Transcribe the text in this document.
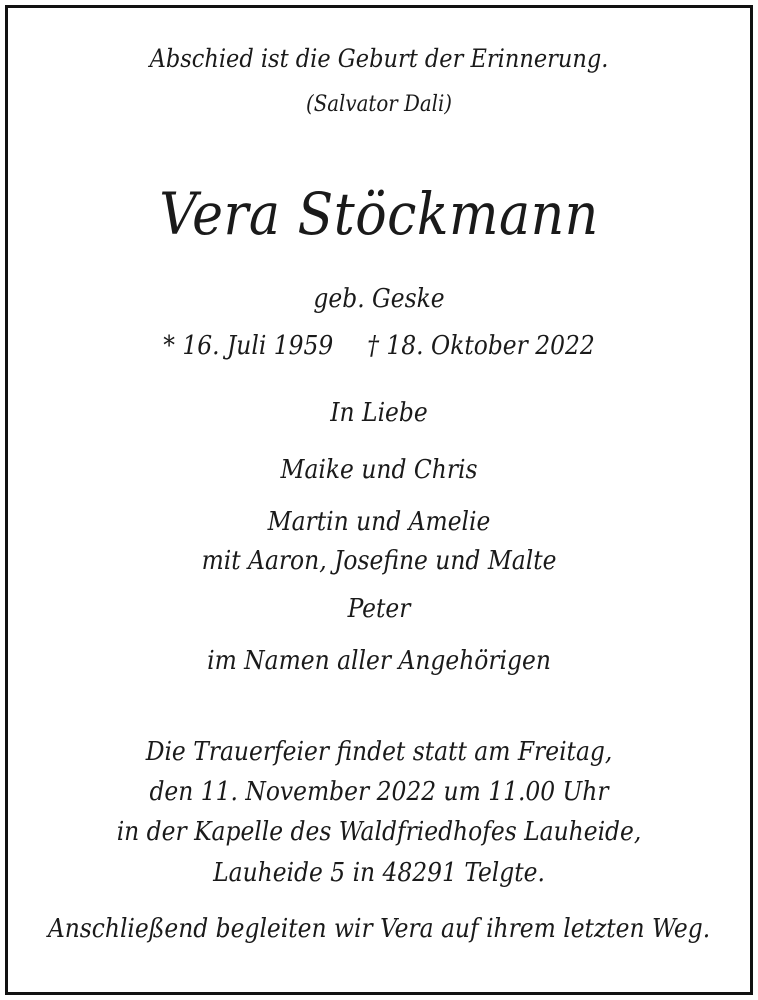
Abschied ist die Geburt der Erinnerung.
(Salvator Dali)
Vera Stöckmann
geb. Geske
* 16. Juli 1959 † 18. Oktober 2022
In Liebe
Maike und Chris
Martin und Amelie
mit Aaron, Josefine und Malte
Peter
im Namen aller Angehörigen
Die Trauerfeier findet statt am Freitag,
den 11. November 2022 um 11.00 Uhr
in der Kapelle des Waldfriedhofes Lauheide,
Lauheide 5 in 48291 Telgte.
Anschließend begleiten wir Vera auf ihrem letzten Weg.
